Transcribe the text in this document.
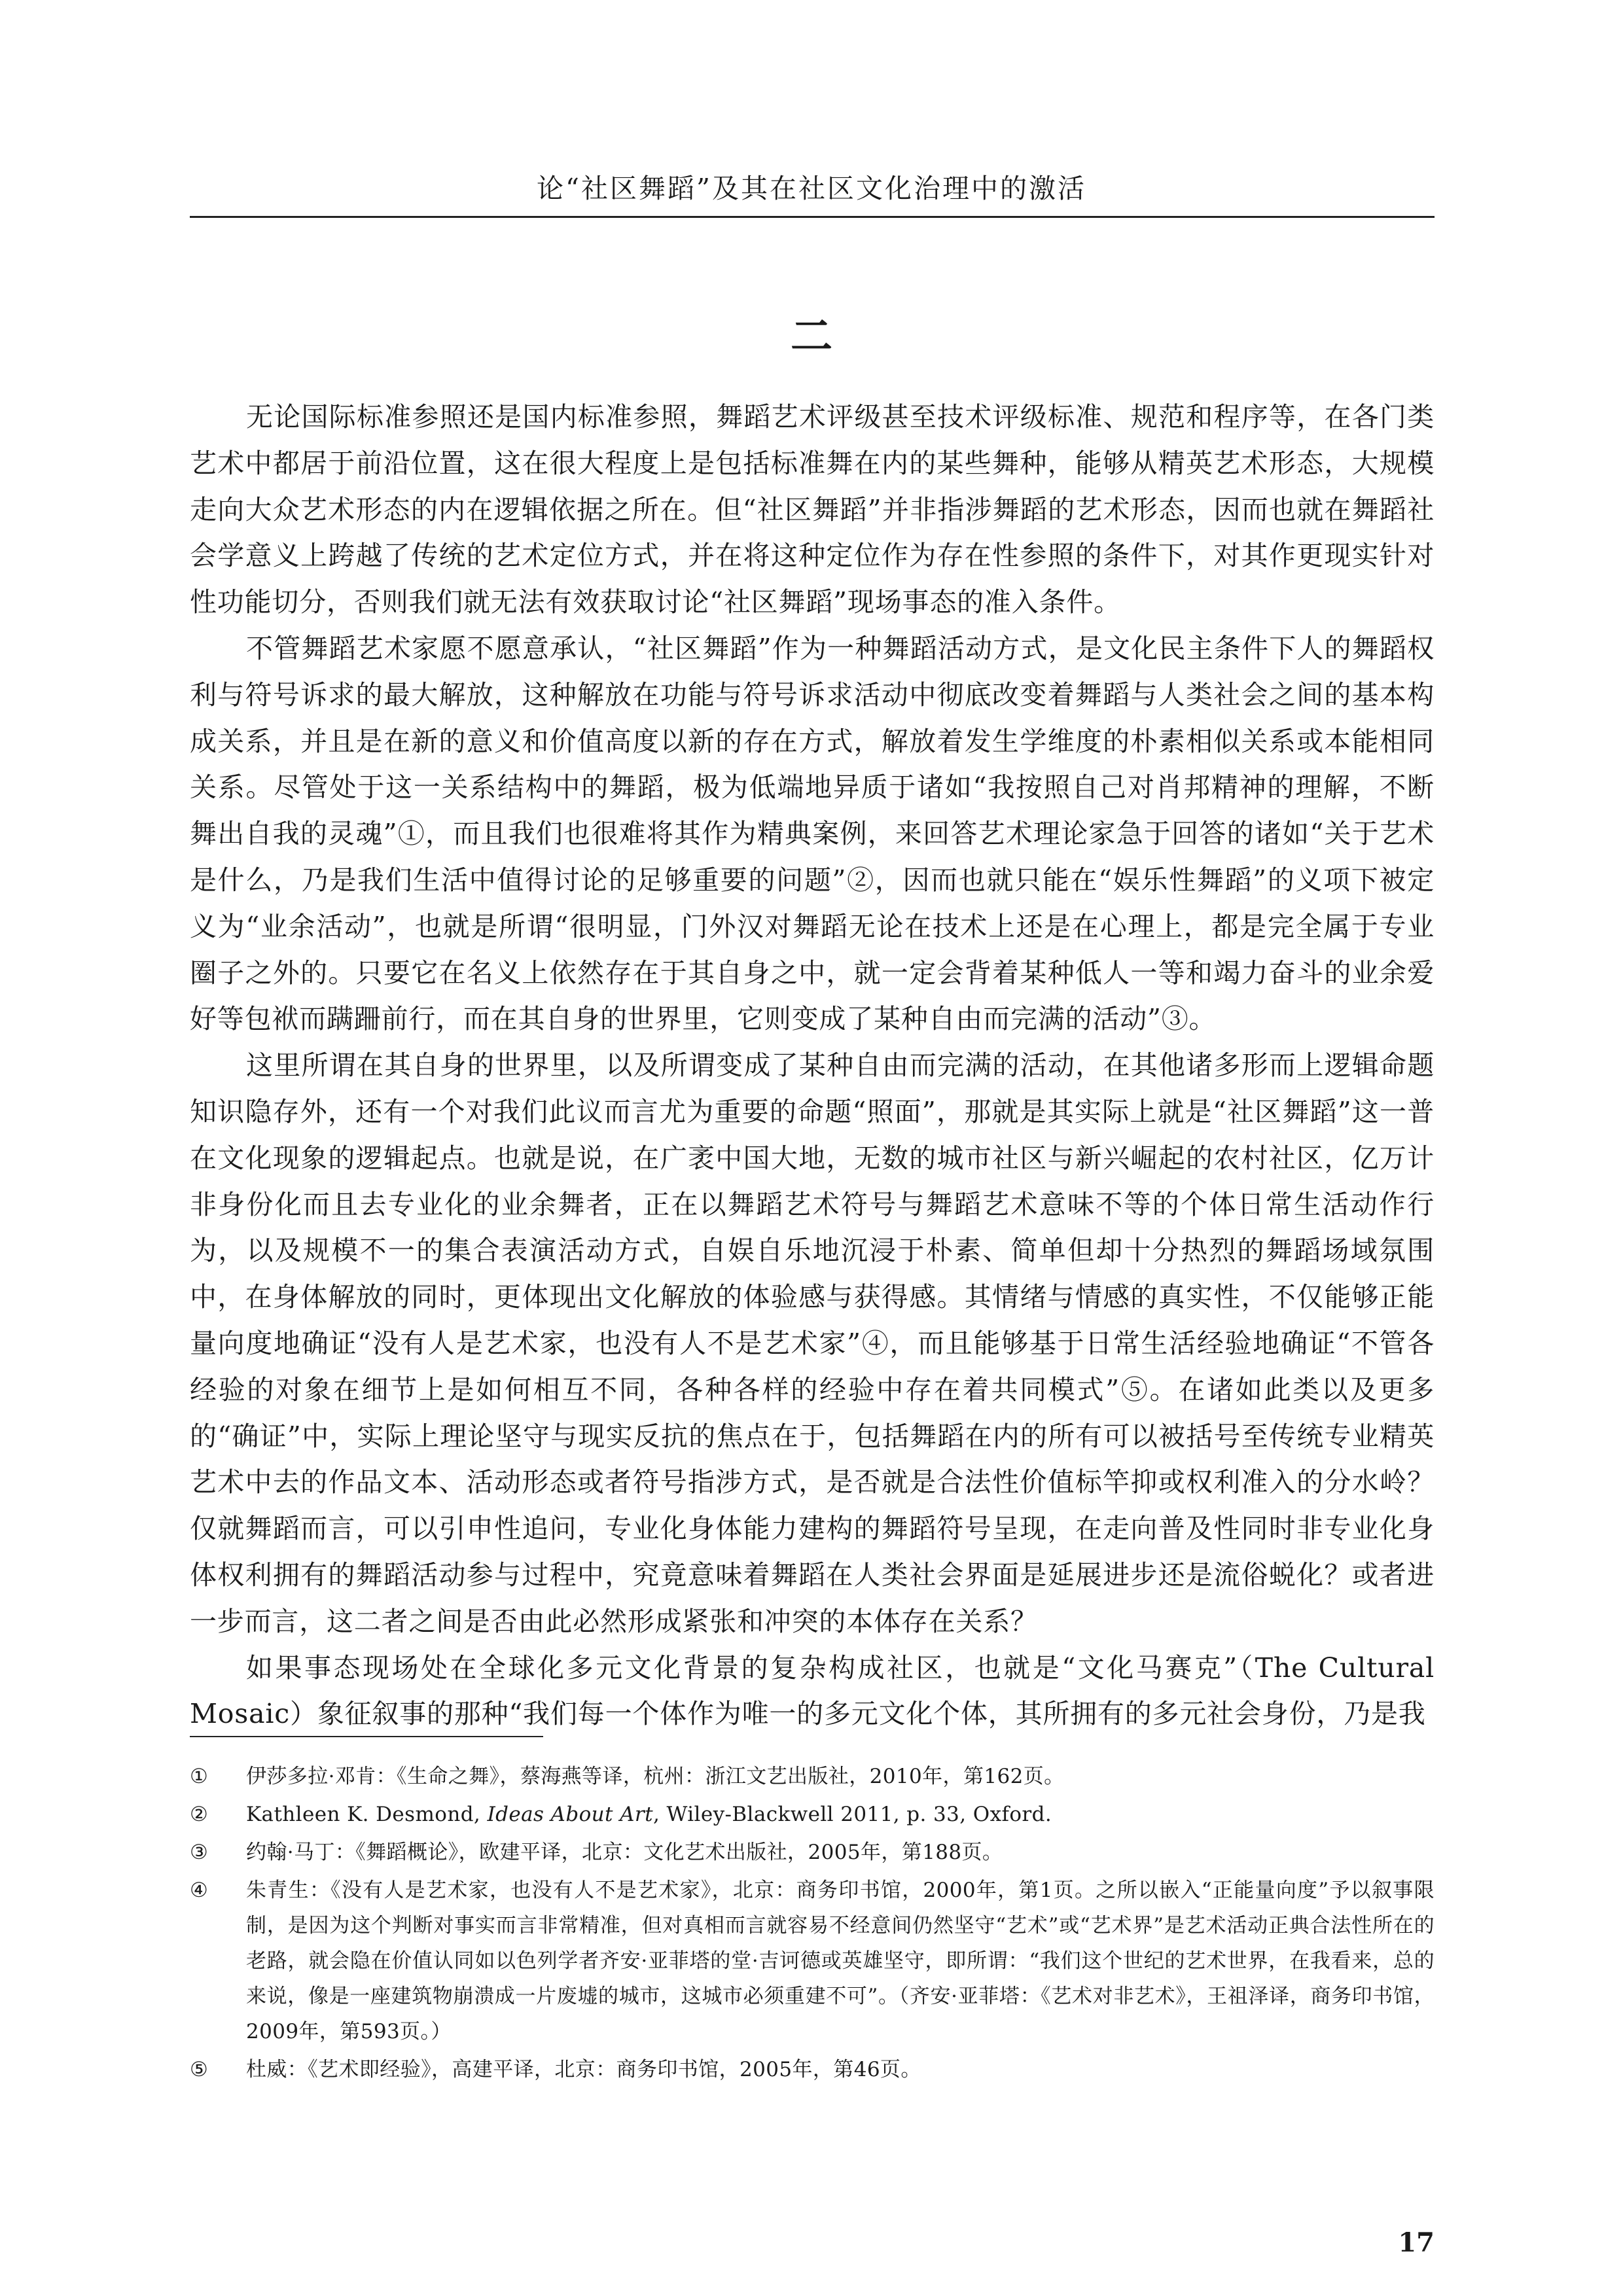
论“社区舞蹈”及其在社区文化治理中的激活
二

无论国际标准参照还是国内标准参照，舞蹈艺术评级甚至技术评级标准、规范和程序等，在各门类艺术中都居于前沿位置，这在很大程度上是包括标准舞在内的某些舞种，能够从精英艺术形态，大规模走向大众艺术形态的内在逻辑依据之所在。但“社区舞蹈”并非指涉舞蹈的艺术形态，因而也就在舞蹈社会学意义上跨越了传统的艺术定位方式，并在将这种定位作为存在性参照的条件下，对其作更现实针对性功能切分，否则我们就无法有效获取讨论“社区舞蹈”现场事态的准入条件。

不管舞蹈艺术家愿不愿意承认，“社区舞蹈”作为一种舞蹈活动方式，是文化民主条件下人的舞蹈权利与符号诉求的最大解放，这种解放在功能与符号诉求活动中彻底改变着舞蹈与人类社会之间的基本构成关系，并且是在新的意义和价值高度以新的存在方式，解放着发生学维度的朴素相似关系或本能相同关系。尽管处于这一关系结构中的舞蹈，极为低端地异质于诸如“我按照自己对肖邦精神的理解，不断舞出自我的灵魂”①，而且我们也很难将其作为精典案例，来回答艺术理论家急于回答的诸如“关于艺术是什么，乃是我们生活中值得讨论的足够重要的问题”②，因而也就只能在“娱乐性舞蹈”的义项下被定义为“业余活动”，也就是所谓“很明显，门外汉对舞蹈无论在技术上还是在心理上，都是完全属于专业圈子之外的。只要它在名义上依然存在于其自身之中，就一定会背着某种低人一等和竭力奋斗的业余爱好等包袱而蹒跚前行，而在其自身的世界里，它则变成了某种自由而完满的活动”③。

这里所谓在其自身的世界里，以及所谓变成了某种自由而完满的活动，在其他诸多形而上逻辑命题知识隐存外，还有一个对我们此议而言尤为重要的命题“照面”，那就是其实际上就是“社区舞蹈”这一普在文化现象的逻辑起点。也就是说，在广袤中国大地，无数的城市社区与新兴崛起的农村社区，亿万计非身份化而且去专业化的业余舞者，正在以舞蹈艺术符号与舞蹈艺术意味不等的个体日常生活动作行为，以及规模不一的集合表演活动方式，自娱自乐地沉浸于朴素、简单但却十分热烈的舞蹈场域氛围中，在身体解放的同时，更体现出文化解放的体验感与获得感。其情绪与情感的真实性，不仅能够正能量向度地确证“没有人是艺术家，也没有人不是艺术家”④，而且能够基于日常生活经验地确证“不管各经验的对象在细节上是如何相互不同，各种各样的经验中存在着共同模式”⑤。在诸如此类以及更多的“确证”中，实际上理论坚守与现实反抗的焦点在于，包括舞蹈在内的所有可以被括号至传统专业精英艺术中去的作品文本、活动形态或者符号指涉方式，是否就是合法性价值标竿抑或权利准入的分水岭？仅就舞蹈而言，可以引申性追问，专业化身体能力建构的舞蹈符号呈现，在走向普及性同时非专业化身体权利拥有的舞蹈活动参与过程中，究竟意味着舞蹈在人类社会界面是延展进步还是流俗蜕化？或者进一步而言，这二者之间是否由此必然形成紧张和冲突的本体存在关系？

如果事态现场处在全球化多元文化背景的复杂构成社区，也就是“文化马赛克”（The Cultural Mosaic）象征叙事的那种“我们每一个体作为唯一的多元文化个体，其所拥有的多元社会身份，乃是我

① 伊莎多拉·邓肯：《生命之舞》，蔡海燕等译，杭州：浙江文艺出版社，2010年，第162页。
② Kathleen K. Desmond, Ideas About Art, Wiley-Blackwell 2011, p. 33, Oxford.
③ 约翰·马丁：《舞蹈概论》，欧建平译，北京：文化艺术出版社，2005年，第188页。
④ 朱青生：《没有人是艺术家，也没有人不是艺术家》，北京：商务印书馆，2000年，第1页。之所以嵌入“正能量向度”予以叙事限制，是因为这个判断对事实而言非常精准，但对真相而言就容易不经意间仍然坚守“艺术”或“艺术界”是艺术活动正典合法性所在的老路，就会隐在价值认同如以色列学者齐安·亚菲塔的堂·吉诃德或英雄坚守，即所谓：“我们这个世纪的艺术世界，在我看来，总的来说，像是一座建筑物崩溃成一片废墟的城市，这城市必须重建不可”。（齐安·亚菲塔：《艺术对非艺术》，王祖泽译，商务印书馆，2009年，第593页。）
⑤ 杜威：《艺术即经验》，高建平译，北京：商务印书馆，2005年，第46页。
17
